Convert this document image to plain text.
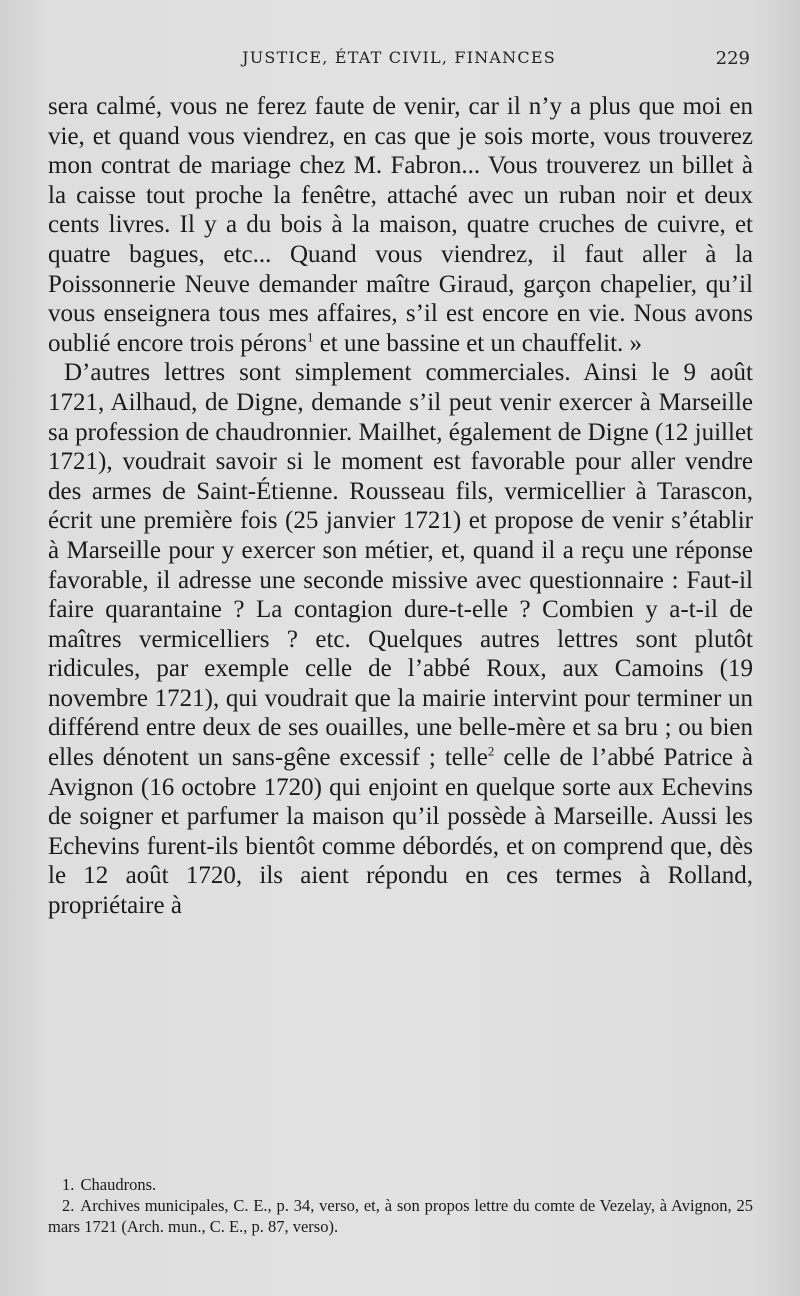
JUSTICE, ÉTAT CIVIL, FINANCES	229

sera calmé, vous ne ferez faute de venir, car il n’y a plus que moi en vie, et quand vous viendrez, en cas que je sois morte, vous trouverez mon contrat de mariage chez M. Fabron... Vous trouverez un billet à la caisse tout proche la fenêtre, attaché avec un ruban noir et deux cents livres. Il y a du bois à la maison, quatre cruches de cuivre, et quatre bagues, etc... Quand vous viendrez, il faut aller à la Poissonnerie Neuve demander maître Giraud, garçon chapelier, qu’il vous enseignera tous mes affaires, s’il est encore en vie. Nous avons oublié encore trois pérons$^1$ et une bassine et un chauffelit. »

D’autres lettres sont simplement commerciales. Ainsi le 9 août 1721, Ailhaud, de Digne, demande s’il peut venir exercer à Marseille sa profession de chaudronnier. Mailhet, également de Digne (12 juillet 1721), voudrait savoir si le moment est favorable pour aller vendre des armes de Saint-Étienne. Rousseau fils, vermicellier à Tarascon, écrit une première fois (25 janvier 1721) et propose de venir s’établir à Marseille pour y exercer son métier, et, quand il a reçu une réponse favorable, il adresse une seconde missive avec questionnaire : Faut-il faire quarantaine ? La contagion dure-t-elle ? Combien y a-t-il de maîtres vermicelliers ? etc. Quelques autres lettres sont plutôt ridicules, par exemple celle de l’abbé Roux, aux Camoins (19 novembre 1721), qui voudrait que la mairie intervint pour terminer un différend entre deux de ses ouailles, une belle-mère et sa bru ; ou bien elles dénotent un sans-gêne excessif ; telle$^2$ celle de l’abbé Patrice à Avignon (16 octobre 1720) qui enjoint en quelque sorte aux Echevins de soigner et parfumer la maison qu’il possède à Marseille. Aussi les Echevins furent-ils bientôt comme débordés, et on comprend que, dès le 12 août 1720, ils aient répondu en ces termes à Rolland, propriétaire à

1. Chaudrons.

2. Archives municipales, C. E., p. 34, verso, et, à son propos lettre du comte de Vezelay, à Avignon, 25 mars 1721 (Arch. mun., C. E., p. 87, verso).
